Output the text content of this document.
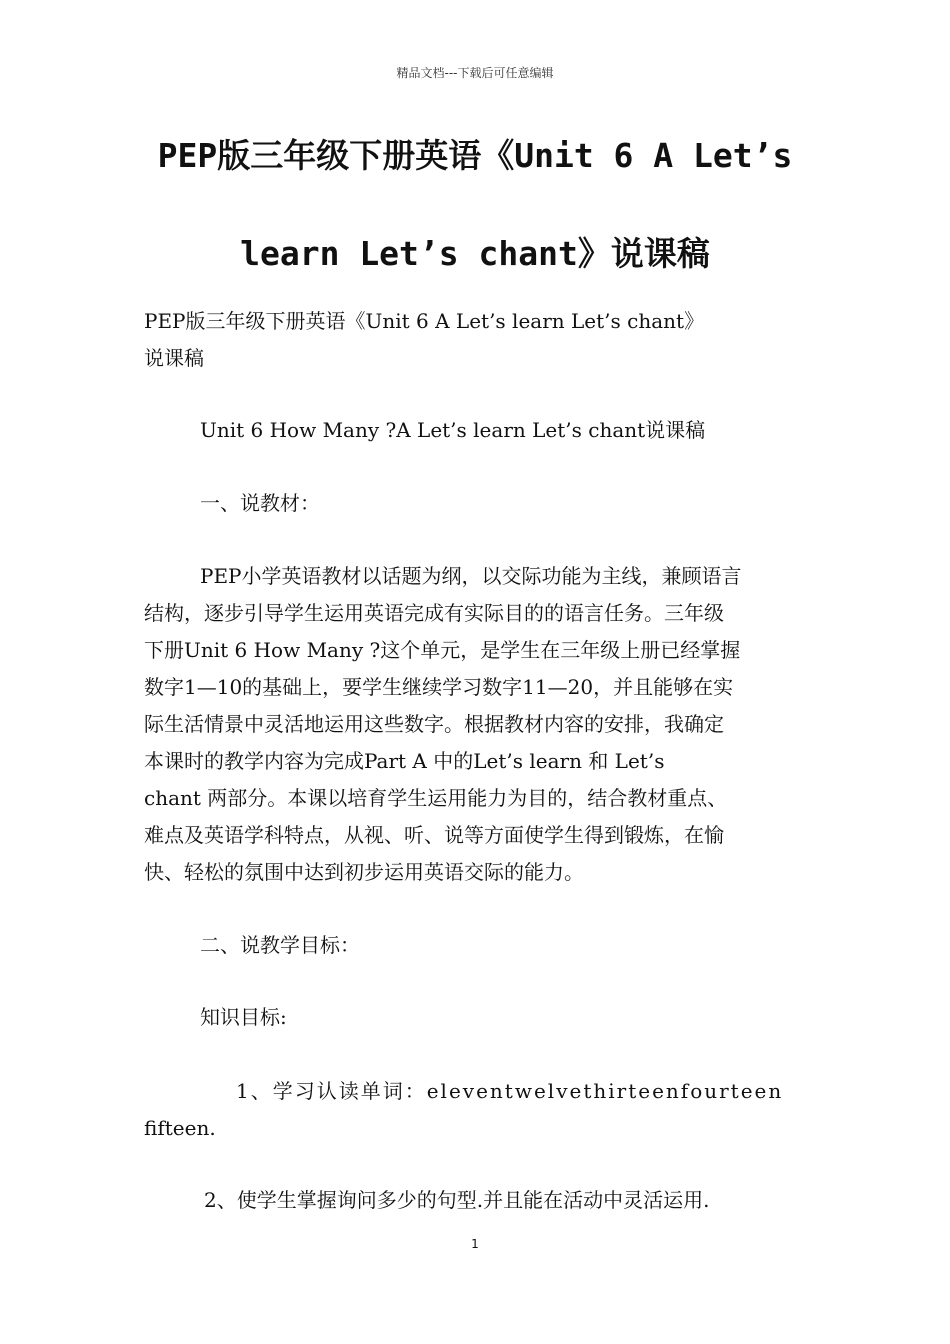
精品文档---下载后可任意编辑
PEP版三年级下册英语《Unit 6 A Let’s
learn Let’s chant》说课稿
PEP版三年级下册英语《Unit 6 A Let’s learn Let’s chant》
说课稿
Unit 6 How Many ?A Let’s learn Let’s chant说课稿
一、说教材：
PEP小学英语教材以话题为纲，以交际功能为主线，兼顾语言
结构，逐步引导学生运用英语完成有实际目的的语言任务。三年级
下册Unit 6 How Many ?这个单元，是学生在三年级上册已经掌握
数字1—10的基础上，要学生继续学习数字11—20，并且能够在实
际生活情景中灵活地运用这些数字。根据教材内容的安排，我确定
本课时的教学内容为完成Part A 中的Let’s learn 和 Let’s
chant 两部分。本课以培育学生运用能力为目的，结合教材重点、
难点及英语学科特点，从视、听、说等方面使学生得到锻炼，在愉
快、轻松的氛围中达到初步运用英语交际的能力。
二、说教学目标：
知识目标:
1、学习认读单词：eleventwelvethirteenfourteen
fifteen.
2、使学生掌握询问多少的句型.并且能在活动中灵活运用.
1
